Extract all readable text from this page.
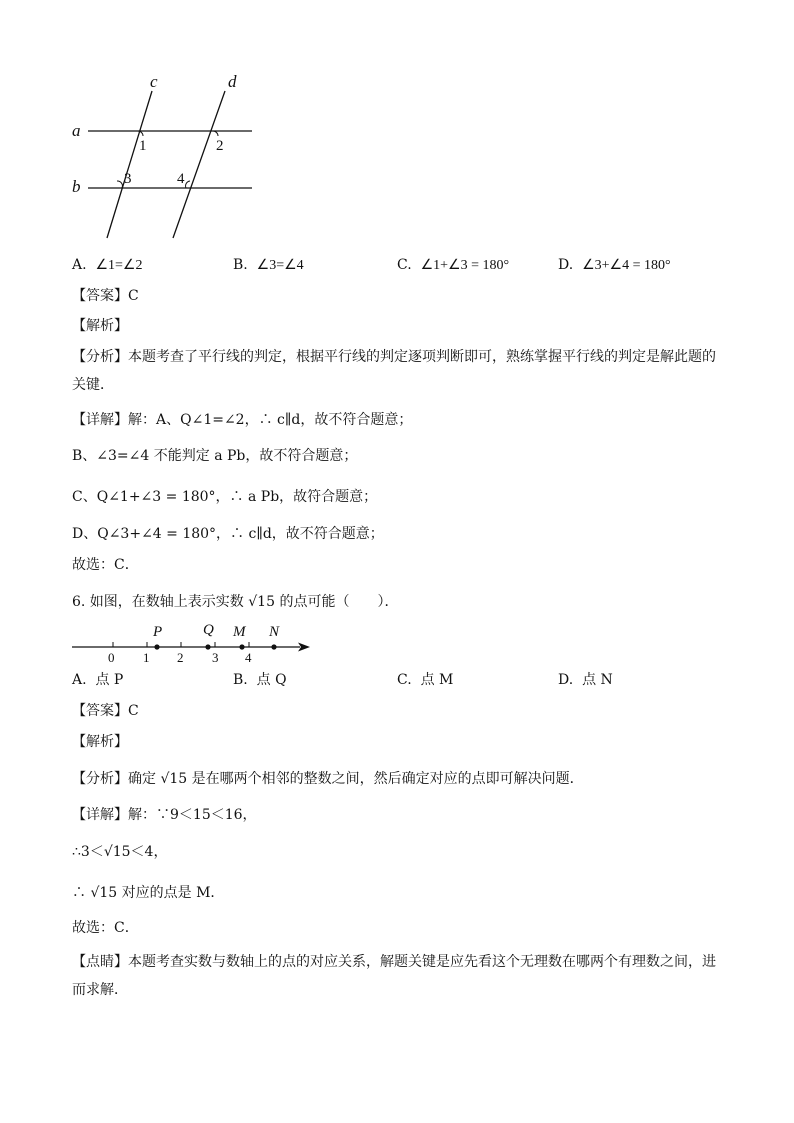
c	d
a
b
1	2
3	4
A. ∠1=∠2	B. ∠3=∠4	C. ∠1+∠3 = 180°	D. ∠3+∠4 = 180°
【答案】C
【解析】
【分析】本题考查了平行线的判定，根据平行线的判定逐项判断即可，熟练掌握平行线的判定是解此题的关键．
【详解】解：A、Q∠1=∠2，∴ c∥d，故不符合题意；
B、∠3=∠4 不能判定 a Pb，故不符合题意；
C、Q∠1+∠3 = 180°，∴ a Pb，故符合题意；
D、Q∠3+∠4 = 180°，∴ c∥d，故不符合题意；
故选：C．
6. 如图，在数轴上表示实数 √15 的点可能（　　）．
P	Q M N
0 1 2 3 4
A. 点 P	B. 点 Q	C. 点 M	D. 点 N
【答案】C
【解析】
【分析】确定 √15 是在哪两个相邻的整数之间，然后确定对应的点即可解决问题．
【详解】解：∵9＜15＜16，
∴3＜√15＜4，
∴ √15 对应的点是 M．
故选：C．
【点睛】本题考查实数与数轴上的点的对应关系，解题关键是应先看这个无理数在哪两个有理数之间，进而求解．
